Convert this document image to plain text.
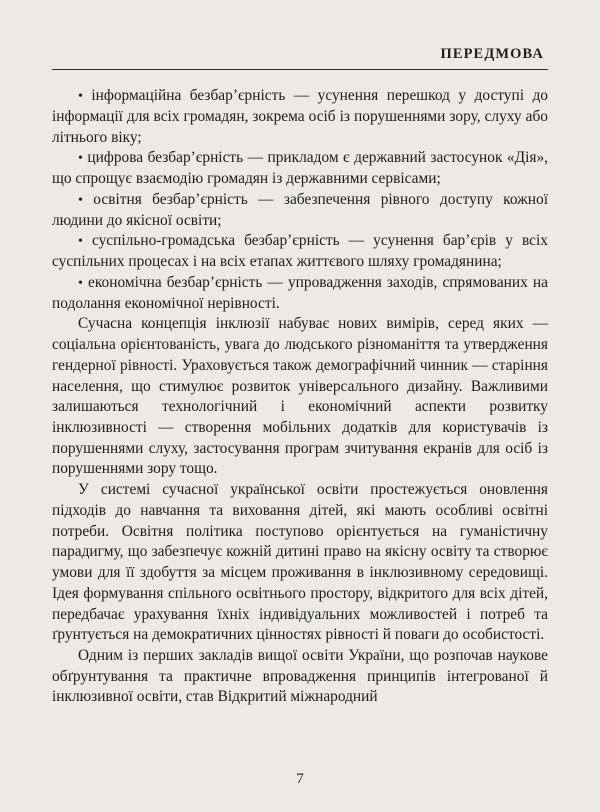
ПЕРЕДМОВА

• інформаційна безбар’єрність — усунення перешкод у доступі до інформації для всіх громадян, зокрема осіб із порушеннями зору, слуху або літнього віку;

• цифрова безбар’єрність — прикладом є державний застосунок «Дія», що спрощує взаємодію громадян із державними сервісами;

• освітня безбар’єрність — забезпечення рівного доступу кожної людини до якісної освіти;

• суспільно-громадська безбар’єрність — усунення бар’єрів у всіх суспільних процесах і на всіх етапах життєвого шляху громадянина;

• економічна безбар’єрність — упровадження заходів, спрямованих на подолання економічної нерівності.

Сучасна концепція інклюзії набуває нових вимірів, серед яких — соціальна орієнтованість, увага до людського різноманіття та утвердження гендерної рівності. Ураховується також демографічний чинник — старіння населення, що стимулює розвиток універсального дизайну. Важливими залишаються технологічний і економічний аспекти розвитку інклюзивності — створення мобільних додатків для користувачів із порушеннями слуху, застосування програм зчитування екранів для осіб із порушеннями зору тощо.

У системі сучасної української освіти простежується оновлення підходів до навчання та виховання дітей, які мають особливі освітні потреби. Освітня політика поступово орієнтується на гуманістичну парадигму, що забезпечує кожній дитині право на якісну освіту та створює умови для її здобуття за місцем проживання в інклюзивному середовищі. Ідея формування спільного освітнього простору, відкритого для всіх дітей, передбачає урахування їхніх індивідуальних можливостей і потреб та ґрунтується на демократичних цінностях рівності й поваги до особистості.

Одним із перших закладів вищої освіти України, що розпочав наукове обґрунтування та практичне впровадження принципів інтегрованої й інклюзивної освіти, став Відкритий міжнародний

7
